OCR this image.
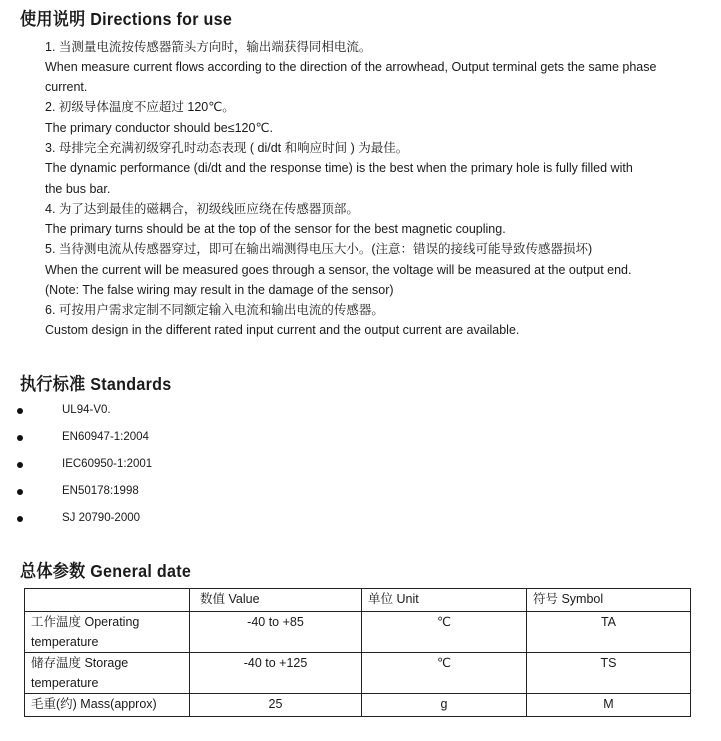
使用说明 Directions for use
1. 当测量电流按传感器箭头方向时，输出端获得同相电流。
When measure current flows according to the direction of the arrowhead, Output terminal gets the same phase
current.
2. 初级导体温度不应超过 120℃。
The primary conductor should be≤120℃.
3. 母排完全充满初级穿孔时动态表现 ( di/dt 和响应时间 ) 为最佳。
The dynamic performance (di/dt and the response time) is the best when the primary hole is fully filled with
the bus bar.
4. 为了达到最佳的磁耦合，初级线匝应绕在传感器顶部。
The primary turns should be at the top of the sensor for the best magnetic coupling.
5. 当待测电流从传感器穿过，即可在输出端测得电压大小。(注意：错误的接线可能导致传感器损坏)
When the current will be measured goes through a sensor, the voltage will be measured at the output end.
(Note: The false wiring may result in the damage of the sensor)
6. 可按用户需求定制不同额定输入电流和输出电流的传感器。
Custom design in the different rated input current and the output current are available.
执行标准 Standards
UL94-V0.
EN60947-1:2004
IEC60950-1:2001
EN50178:1998
SJ 20790-2000
总体参数 General date
	数值 Value	单位 Unit	符号 Symbol
工作温度 Operating temperature	-40 to +85	℃	TA
储存温度 Storage temperature	-40 to +125	℃	TS
毛重(约) Mass(approx)	25	g	M
